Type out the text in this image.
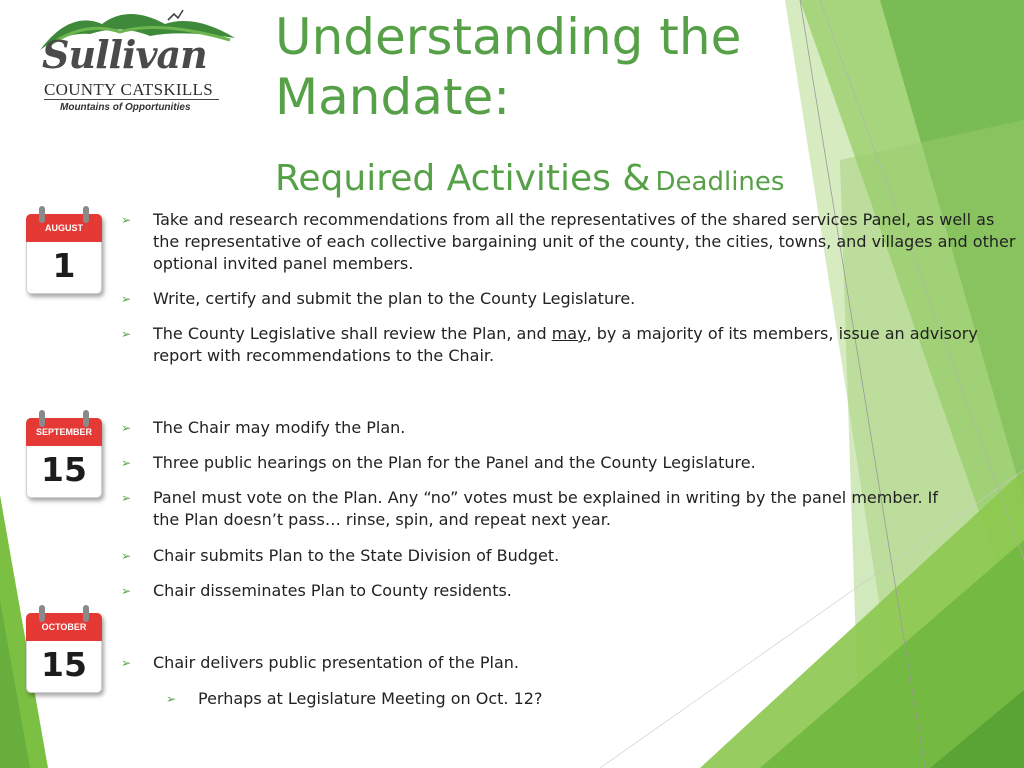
Sullivan
COUNTY CATSKILLS
Mountains of Opportunities
Understanding the
Mandate:
Required Activities & Deadlines
AUGUST
1
SEPTEMBER
15
OCTOBER
15
➢ Take and research recommendations from all the representatives of the shared services Panel, as well as the representative of each collective bargaining unit of the county, the cities, towns, and villages and other optional invited panel members.
➢ Write, certify and submit the plan to the County Legislature.
➢ The County Legislative shall review the Plan, and may, by a majority of its members, issue an advisory report with recommendations to the Chair.
➢ The Chair may modify the Plan.
➢ Three public hearings on the Plan for the Panel and the County Legislature.
➢ Panel must vote on the Plan. Any “no” votes must be explained in writing by the panel member. If the Plan doesn’t pass… rinse, spin, and repeat next year.
➢ Chair submits Plan to the State Division of Budget.
➢ Chair disseminates Plan to County residents.
➢ Chair delivers public presentation of the Plan.
➢ Perhaps at Legislature Meeting on Oct. 12?
